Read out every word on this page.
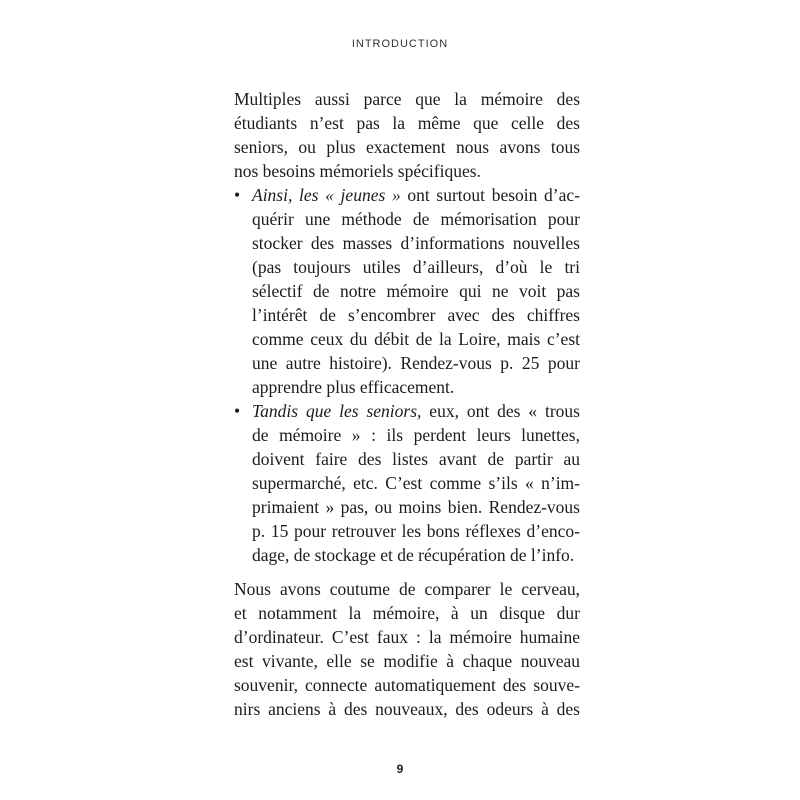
INTRODUCTION
Multiples aussi parce que la mémoire des
étudiants n’est pas la même que celle des
seniors, ou plus exactement nous avons tous
nos besoins mémoriels spécifiques.
• Ainsi, les « jeunes » ont surtout besoin d’ac-
quérir une méthode de mémorisation pour
stocker des masses d’informations nouvelles
(pas toujours utiles d’ailleurs, d’où le tri
sélectif de notre mémoire qui ne voit pas
l’intérêt de s’encombrer avec des chiffres
comme ceux du débit de la Loire, mais c’est
une autre histoire). Rendez-vous p. 25 pour
apprendre plus efficacement.
• Tandis que les seniors, eux, ont des « trous
de mémoire » : ils perdent leurs lunettes,
doivent faire des listes avant de partir au
supermarché, etc. C’est comme s’ils « n’im-
primaient » pas, ou moins bien. Rendez-vous
p. 15 pour retrouver les bons réflexes d’enco-
dage, de stockage et de récupération de l’info.
Nous avons coutume de comparer le cerveau,
et notamment la mémoire, à un disque dur
d’ordinateur. C’est faux : la mémoire humaine
est vivante, elle se modifie à chaque nouveau
souvenir, connecte automatiquement des souve-
nirs anciens à des nouveaux, des odeurs à des
9
